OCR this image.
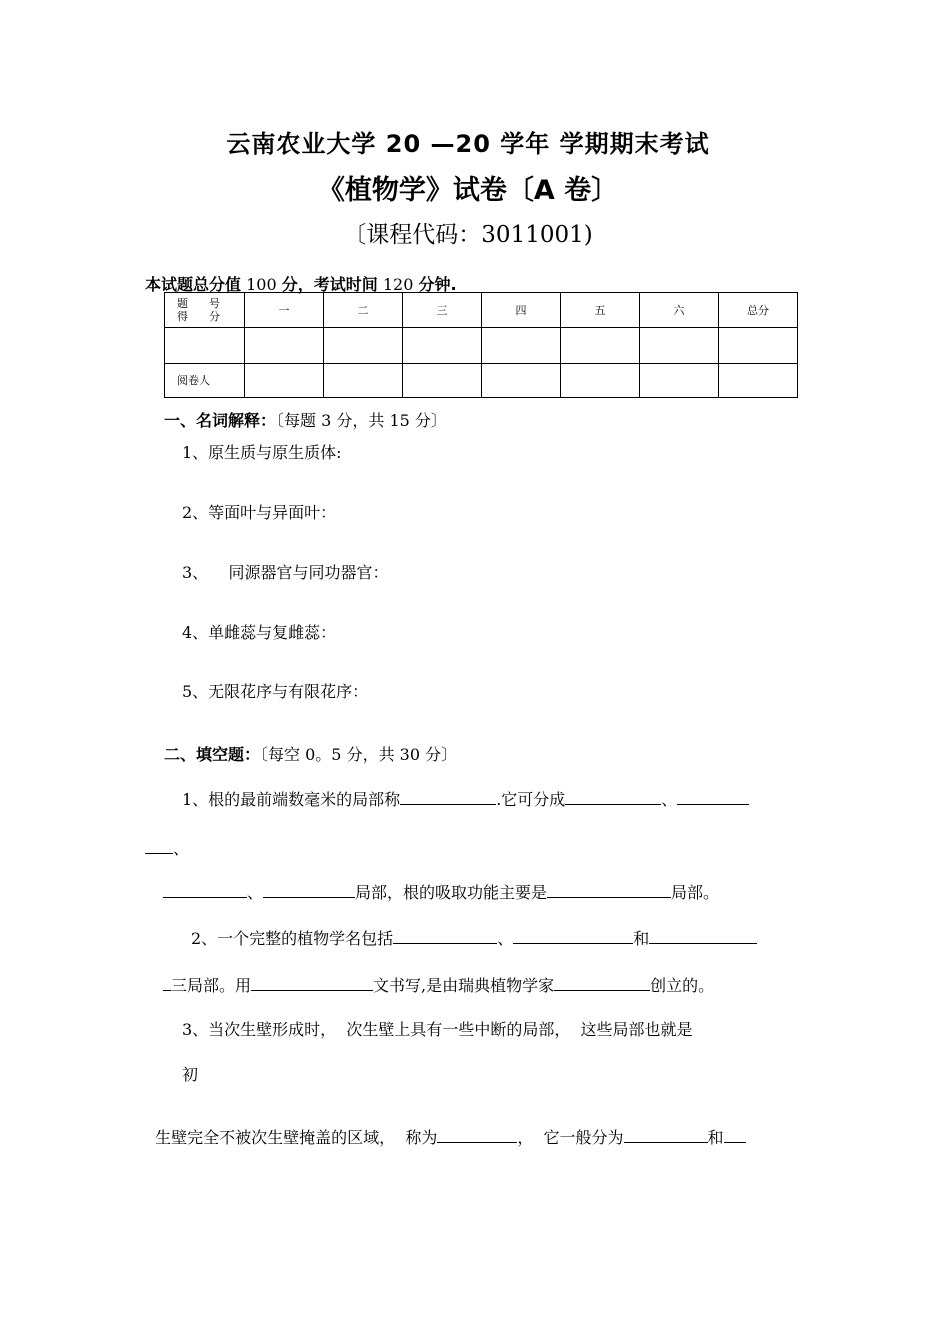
云南农业大学 20 —20 学年 学期期末考试
《植物学》试卷〔A 卷〕
〔课程代码：3011001)
本试题总分值 100 分，考试时间 120 分钟.
题 号
得 分	一	二	三	四	五	六	总分

阅卷人							
一、名词解释：〔每题 3 分，共 15 分〕
1、原生质与原生质体:
2、等面叶与异面叶：
3、    同源器官与同功器官：
4、单雌蕊与复雌蕊：
5、无限花序与有限花序：
二、填空题：〔每空 0。5 分，共 30 分〕
1、根的最前端数毫米的局部称	.它可分成	、
、
、	局部，根的吸取功能主要是	局部。
2、一个完整的植物学名包括	、	和
三局部。用	文书写,是由瑞典植物学家	创立的。
3、当次生壁形成时，  次生壁上具有一些中断的局部，  这些局部也就是
初

生壁完全不被次生壁掩盖的区域，  称为	，  它一般分为	和
